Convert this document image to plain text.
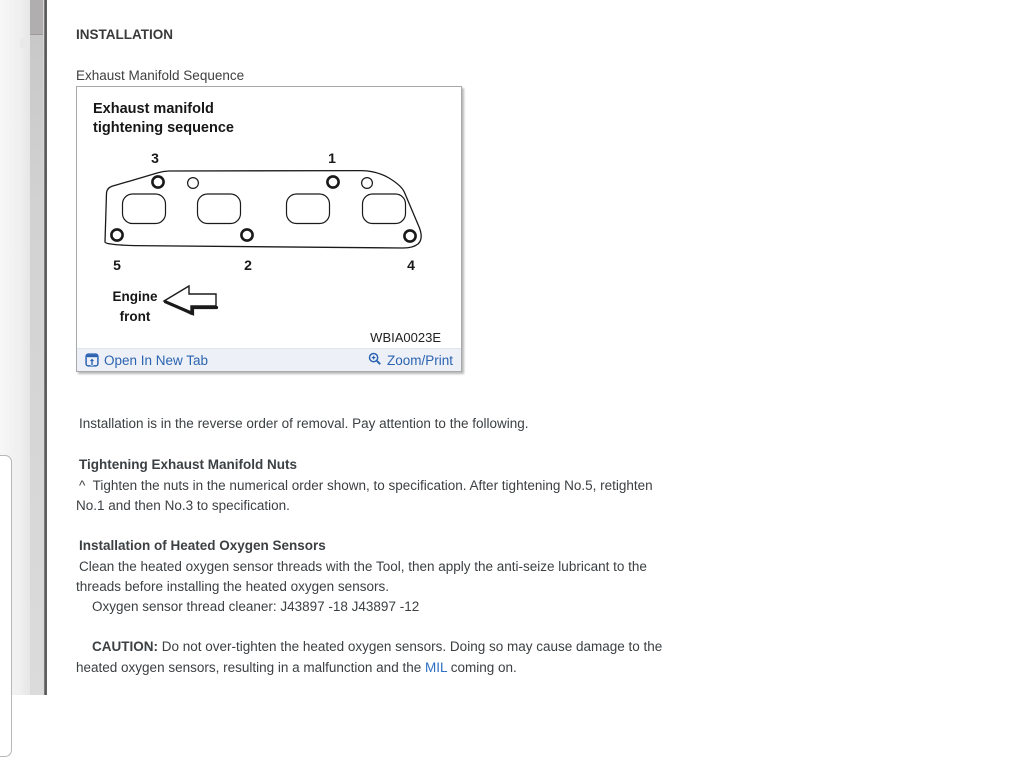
INSTALLATION
Exhaust Manifold Sequence
Exhaust manifold
tightening sequence
3	1
5	2	4
Engine
front
WBIA0023E
Open In New Tab	Zoom/Print
Installation is in the reverse order of removal. Pay attention to the following.
Tightening Exhaust Manifold Nuts
^  Tighten the nuts in the numerical order shown, to specification. After tightening No.5, retighten
No.1 and then No.3 to specification.
Installation of Heated Oxygen Sensors
Clean the heated oxygen sensor threads with the Tool, then apply the anti-seize lubricant to the
threads before installing the heated oxygen sensors.
Oxygen sensor thread cleaner: J43897 -18 J43897 -12
CAUTION: Do not over-tighten the heated oxygen sensors. Doing so may cause damage to the
heated oxygen sensors, resulting in a malfunction and the MIL coming on.
